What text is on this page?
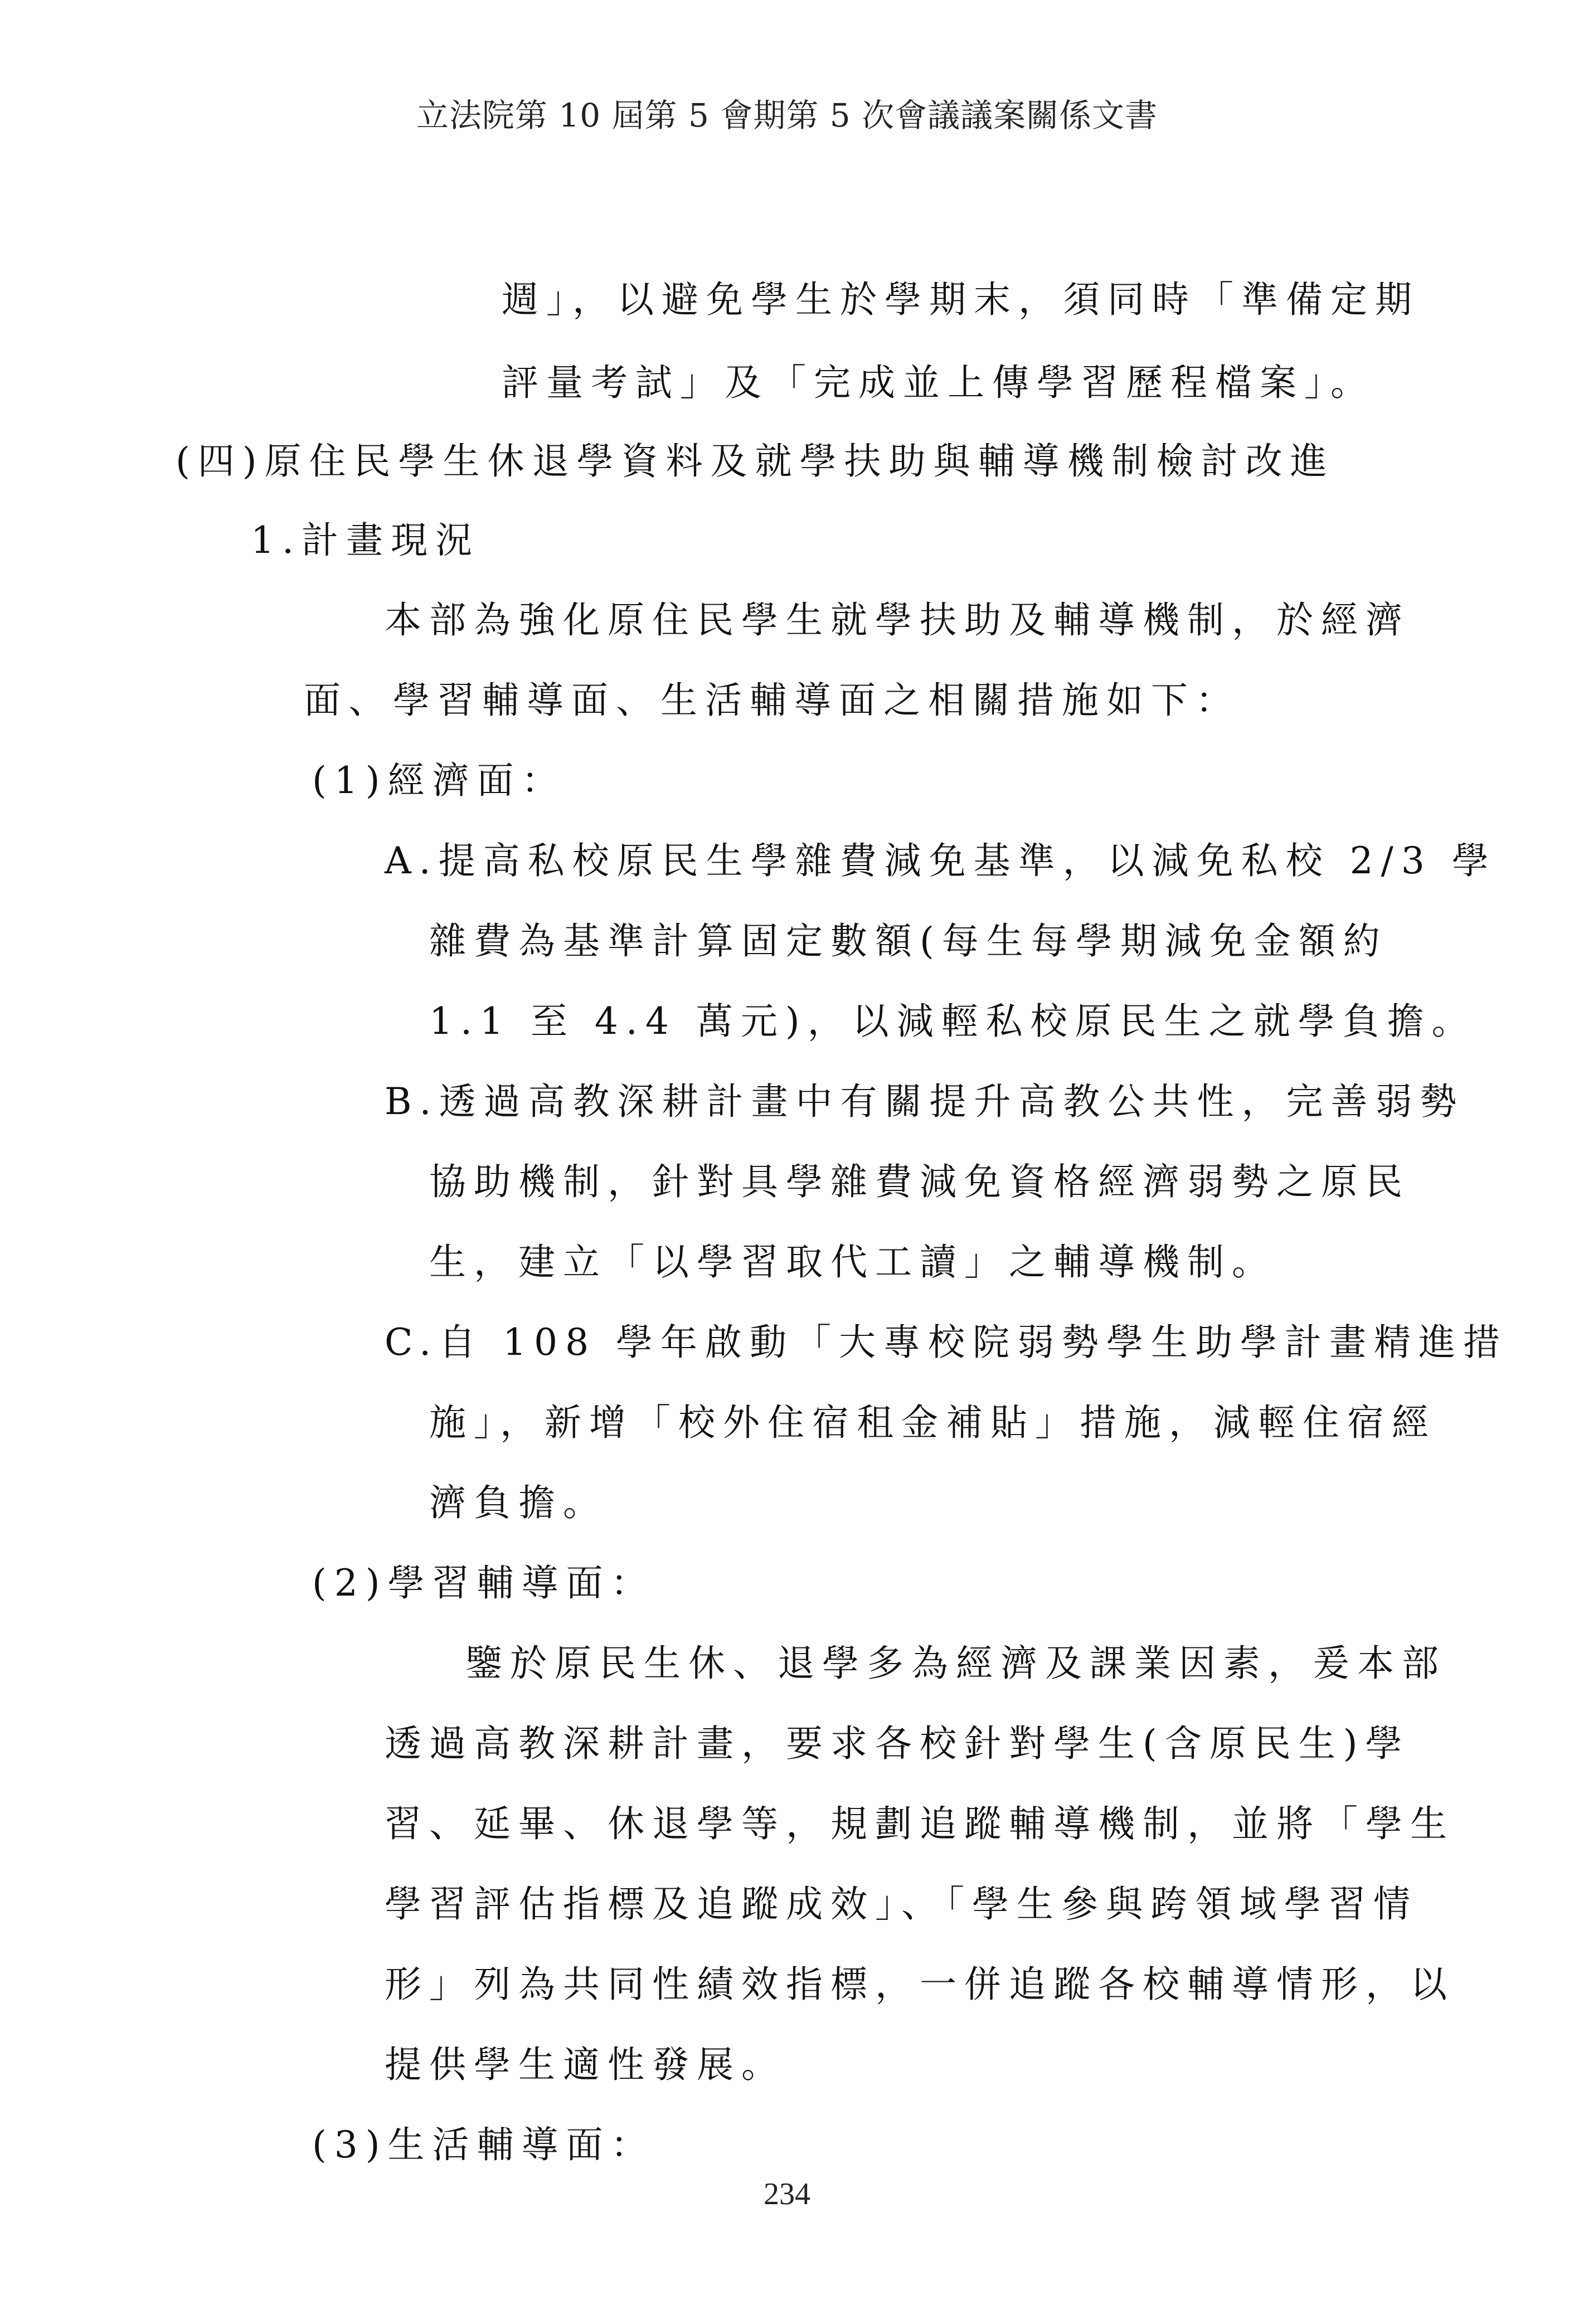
立法院第 10 屆第 5 會期第 5 次會議議案關係文書
週」，以避免學生於學期末，須同時「準備定期
評量考試」及「完成並上傳學習歷程檔案」。
(四)原住民學生休退學資料及就學扶助與輔導機制檢討改進
1.計畫現況
本部為強化原住民學生就學扶助及輔導機制，於經濟
面、學習輔導面、生活輔導面之相關措施如下：
(1)經濟面：
A.提高私校原民生學雜費減免基準，以減免私校 2/3 學
雜費為基準計算固定數額(每生每學期減免金額約
1.1 至 4.4 萬元)，以減輕私校原民生之就學負擔。
B.透過高教深耕計畫中有關提升高教公共性，完善弱勢
協助機制，針對具學雜費減免資格經濟弱勢之原民
生，建立「以學習取代工讀」之輔導機制。
C.自 108 學年啟動「大專校院弱勢學生助學計畫精進措
施」，新增「校外住宿租金補貼」措施，減輕住宿經
濟負擔。
(2)學習輔導面：
鑒於原民生休、退學多為經濟及課業因素，爰本部
透過高教深耕計畫，要求各校針對學生(含原民生)學
習、延畢、休退學等，規劃追蹤輔導機制，並將「學生
學習評估指標及追蹤成效」、「學生參與跨領域學習情
形」列為共同性績效指標，一併追蹤各校輔導情形，以
提供學生適性發展。
(3)生活輔導面：
234
